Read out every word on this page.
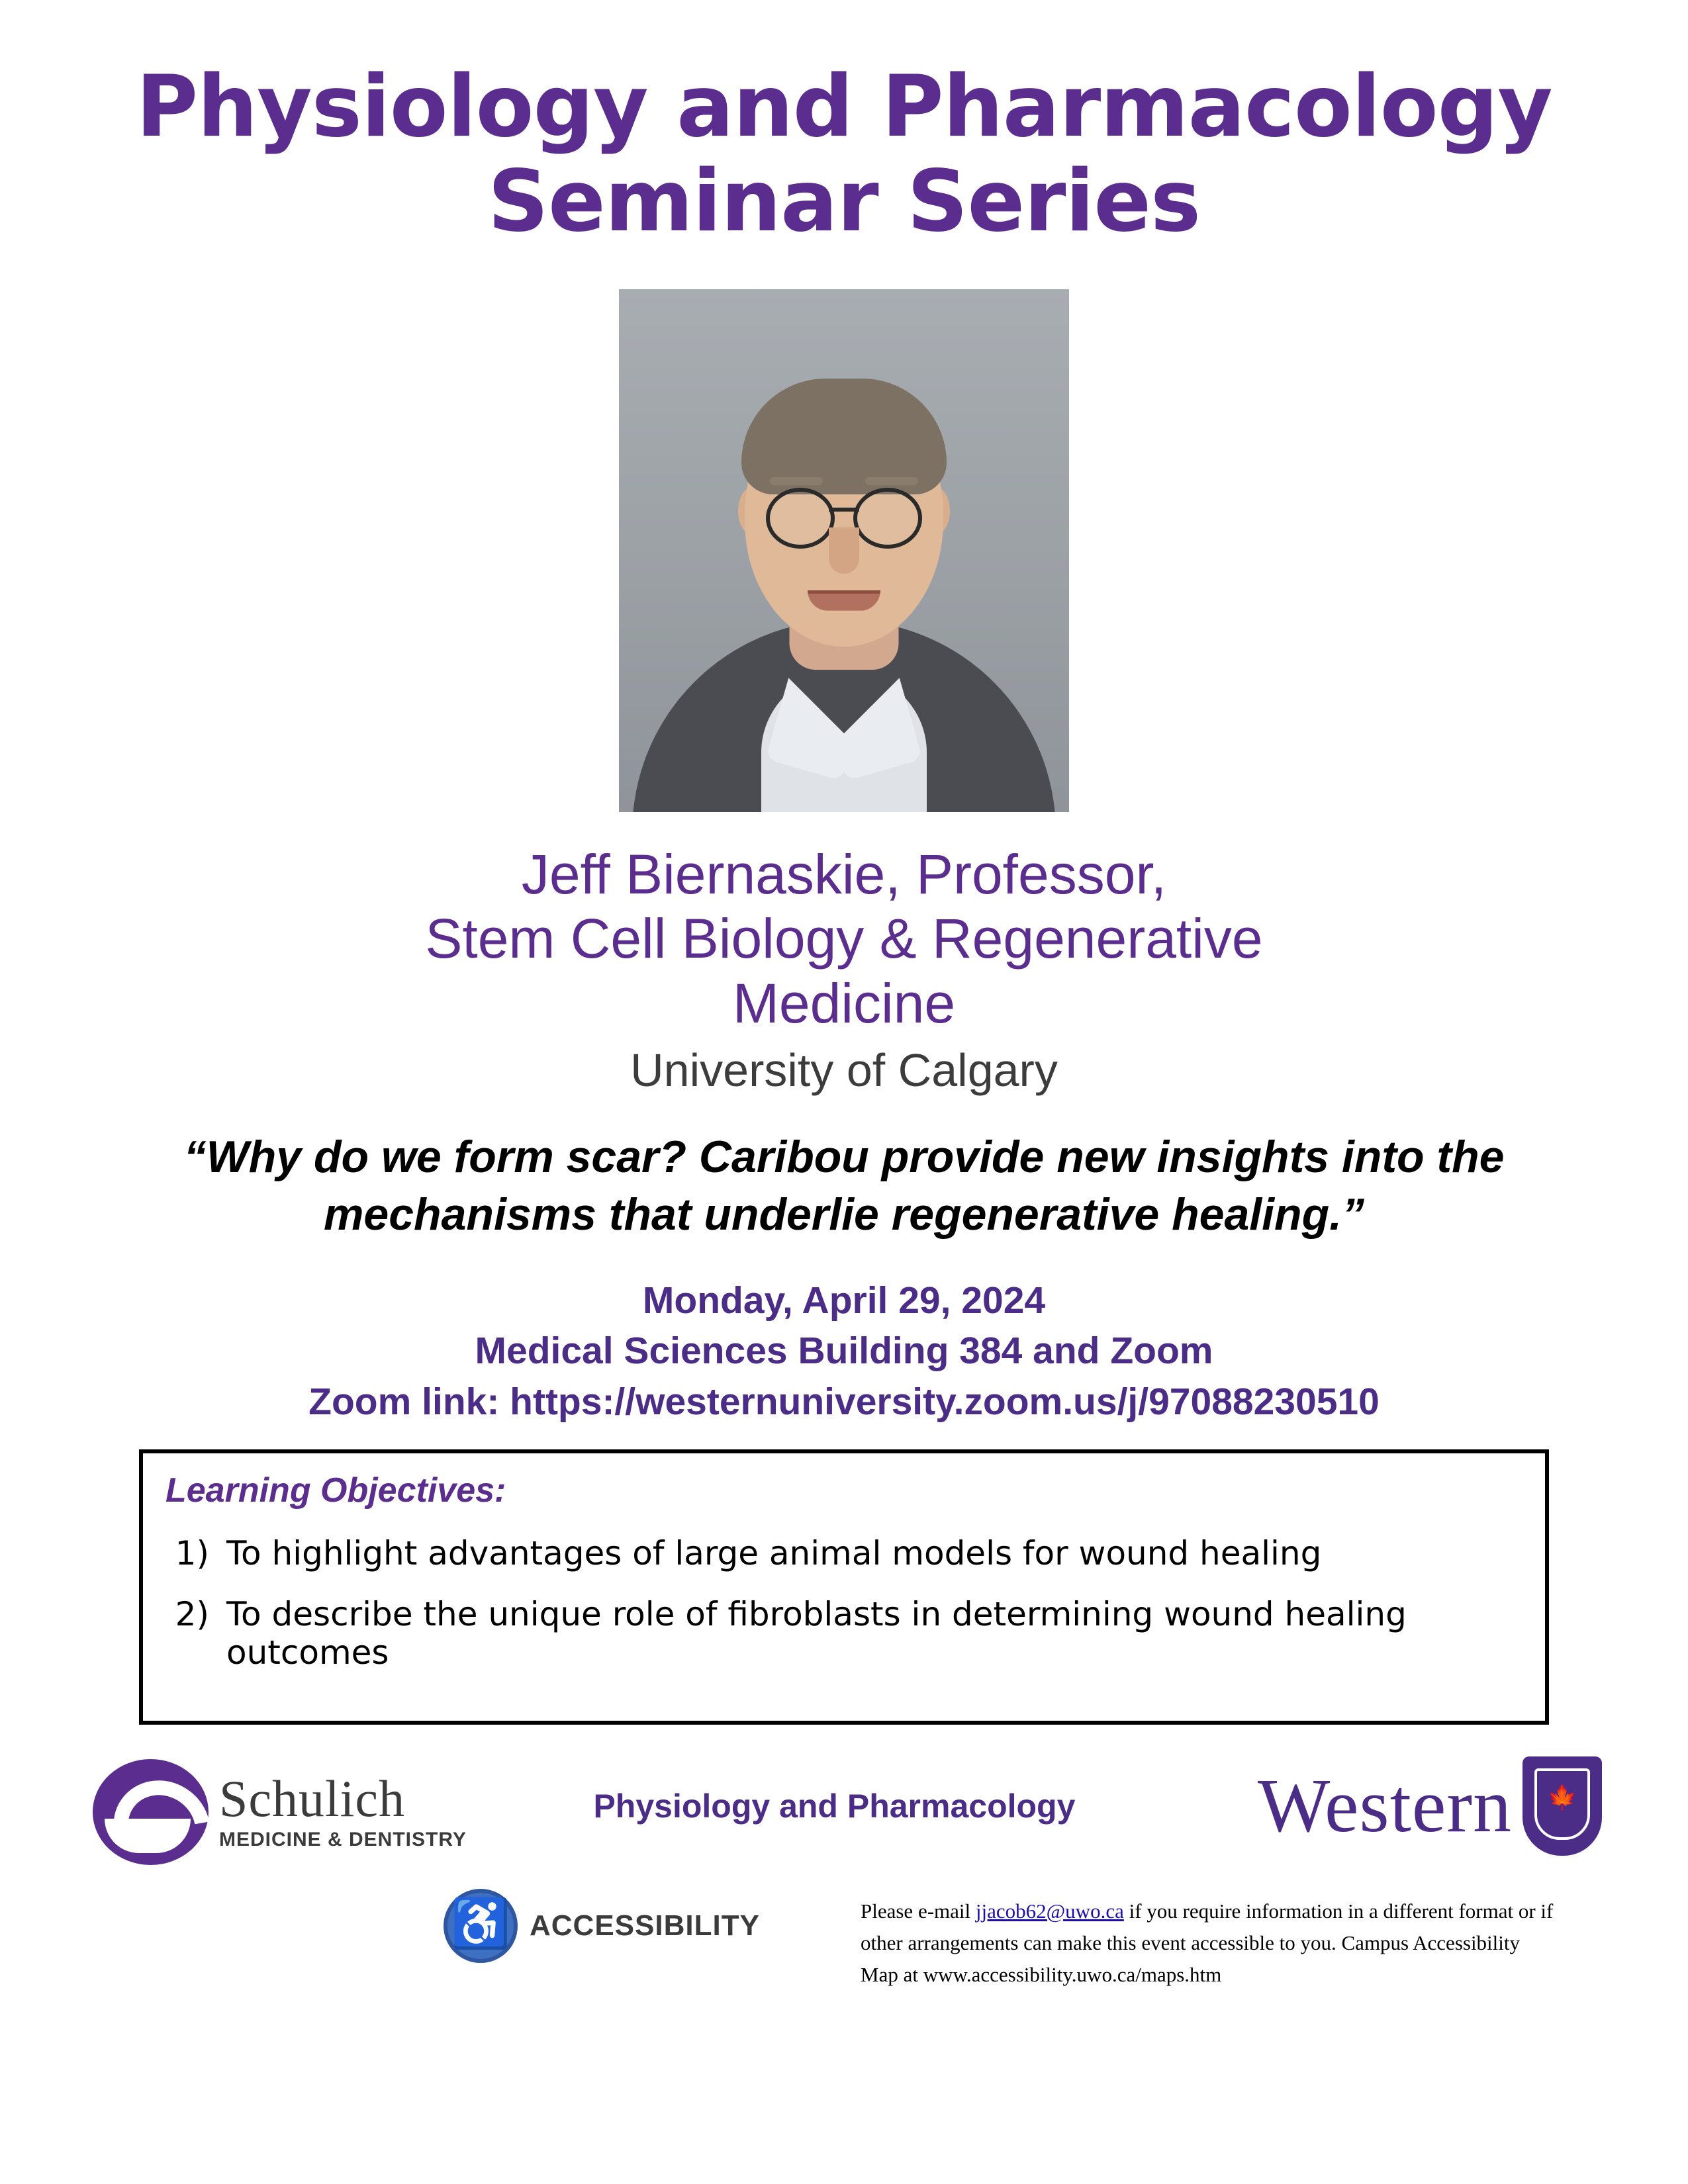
Physiology and Pharmacology
Seminar Series
Jeff Biernaskie, Professor,
Stem Cell Biology & Regenerative
Medicine
University of Calgary
“Why do we form scar? Caribou provide new insights into the mechanisms that underlie regenerative healing.”
Monday, April 29, 2024
Medical Sciences Building 384 and Zoom
Zoom link: https://westernuniversity.zoom.us/j/97088230510
Learning Objectives:
1) To highlight advantages of large animal models for wound healing
2) To describe the unique role of fibroblasts in determining wound healing outcomes
Schulich
MEDICINE & DENTISTRY
Physiology and Pharmacology Western 🍁
♿ ACCESSIBILITY	Please e-mail jjacob62@uwo.ca if you require information in a different format or if other arrangements can make this event accessible to you. Campus Accessibility Map at www.accessibility.uwo.ca/maps.htm
